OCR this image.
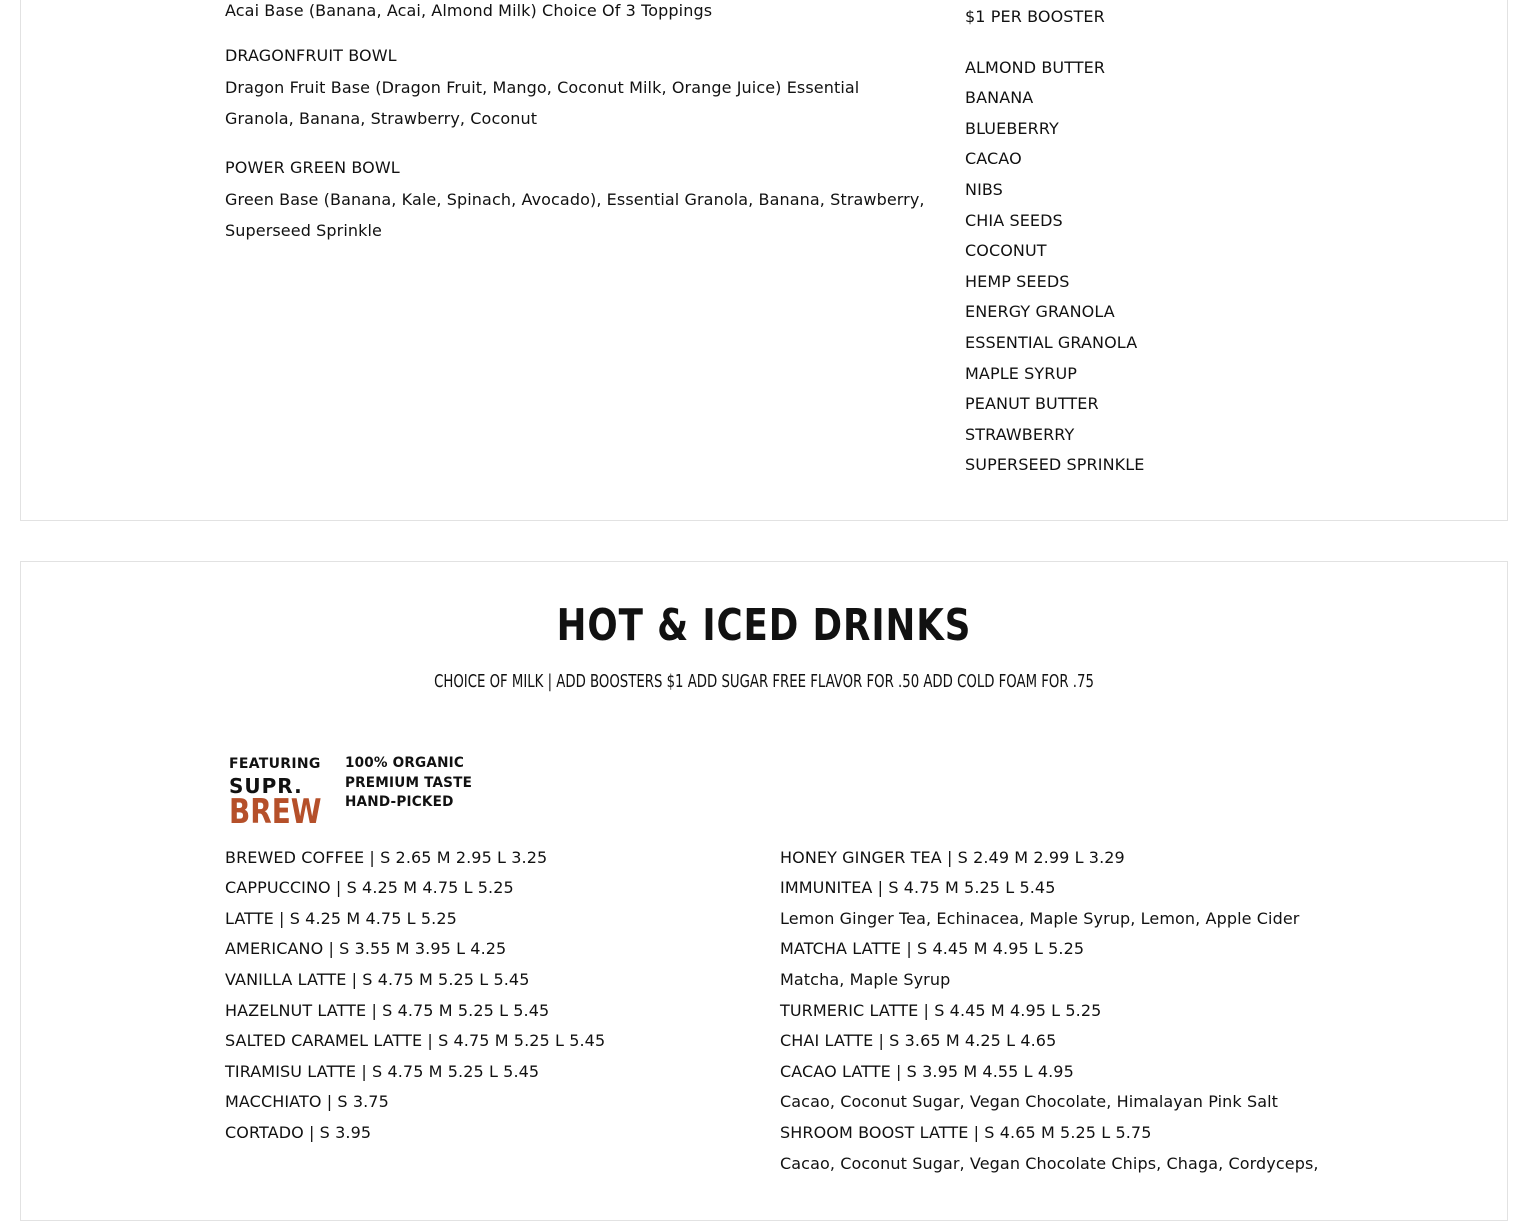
Acai Base (Banana, Acai, Almond Milk) Choice Of 3 Toppings
DRAGONFRUIT BOWL
Dragon Fruit Base (Dragon Fruit, Mango, Coconut Milk, Orange Juice) Essential Granola, Banana, Strawberry, Coconut
POWER GREEN BOWL
Green Base (Banana, Kale, Spinach, Avocado), Essential Granola, Banana, Strawberry, Superseed Sprinkle
$1 PER BOOSTER
ALMOND BUTTER
BANANA
BLUEBERRY
CACAO
NIBS
CHIA SEEDS
COCONUT
HEMP SEEDS
ENERGY GRANOLA
ESSENTIAL GRANOLA
MAPLE SYRUP
PEANUT BUTTER
STRAWBERRY
SUPERSEED SPRINKLE
HOT & ICED DRINKS
CHOICE OF MILK | ADD BOOSTERS $1 ADD SUGAR FREE FLAVOR FOR .50 ADD COLD FOAM FOR .75
FEATURING
SUPR.
BREW
100% ORGANIC
PREMIUM TASTE
HAND-PICKED
BREWED COFFEE | S 2.65 M 2.95 L 3.25
CAPPUCCINO | S 4.25 M 4.75 L 5.25
LATTE | S 4.25 M 4.75 L 5.25
AMERICANO | S 3.55 M 3.95 L 4.25
VANILLA LATTE | S 4.75 M 5.25 L 5.45
HAZELNUT LATTE | S 4.75 M 5.25 L 5.45
SALTED CARAMEL LATTE | S 4.75 M 5.25 L 5.45
TIRAMISU LATTE | S 4.75 M 5.25 L 5.45
MACCHIATO | S 3.75
CORTADO | S 3.95
HONEY GINGER TEA | S 2.49 M 2.99 L 3.29
IMMUNITEA | S 4.75 M 5.25 L 5.45
Lemon Ginger Tea, Echinacea, Maple Syrup, Lemon, Apple Cider
MATCHA LATTE | S 4.45 M 4.95 L 5.25
Matcha, Maple Syrup
TURMERIC LATTE | S 4.45 M 4.95 L 5.25
CHAI LATTE | S 3.65 M 4.25 L 4.65
CACAO LATTE | S 3.95 M 4.55 L 4.95
Cacao, Coconut Sugar, Vegan Chocolate, Himalayan Pink Salt
SHROOM BOOST LATTE | S 4.65 M 5.25 L 5.75
Cacao, Coconut Sugar, Vegan Chocolate Chips, Chaga, Cordyceps,
